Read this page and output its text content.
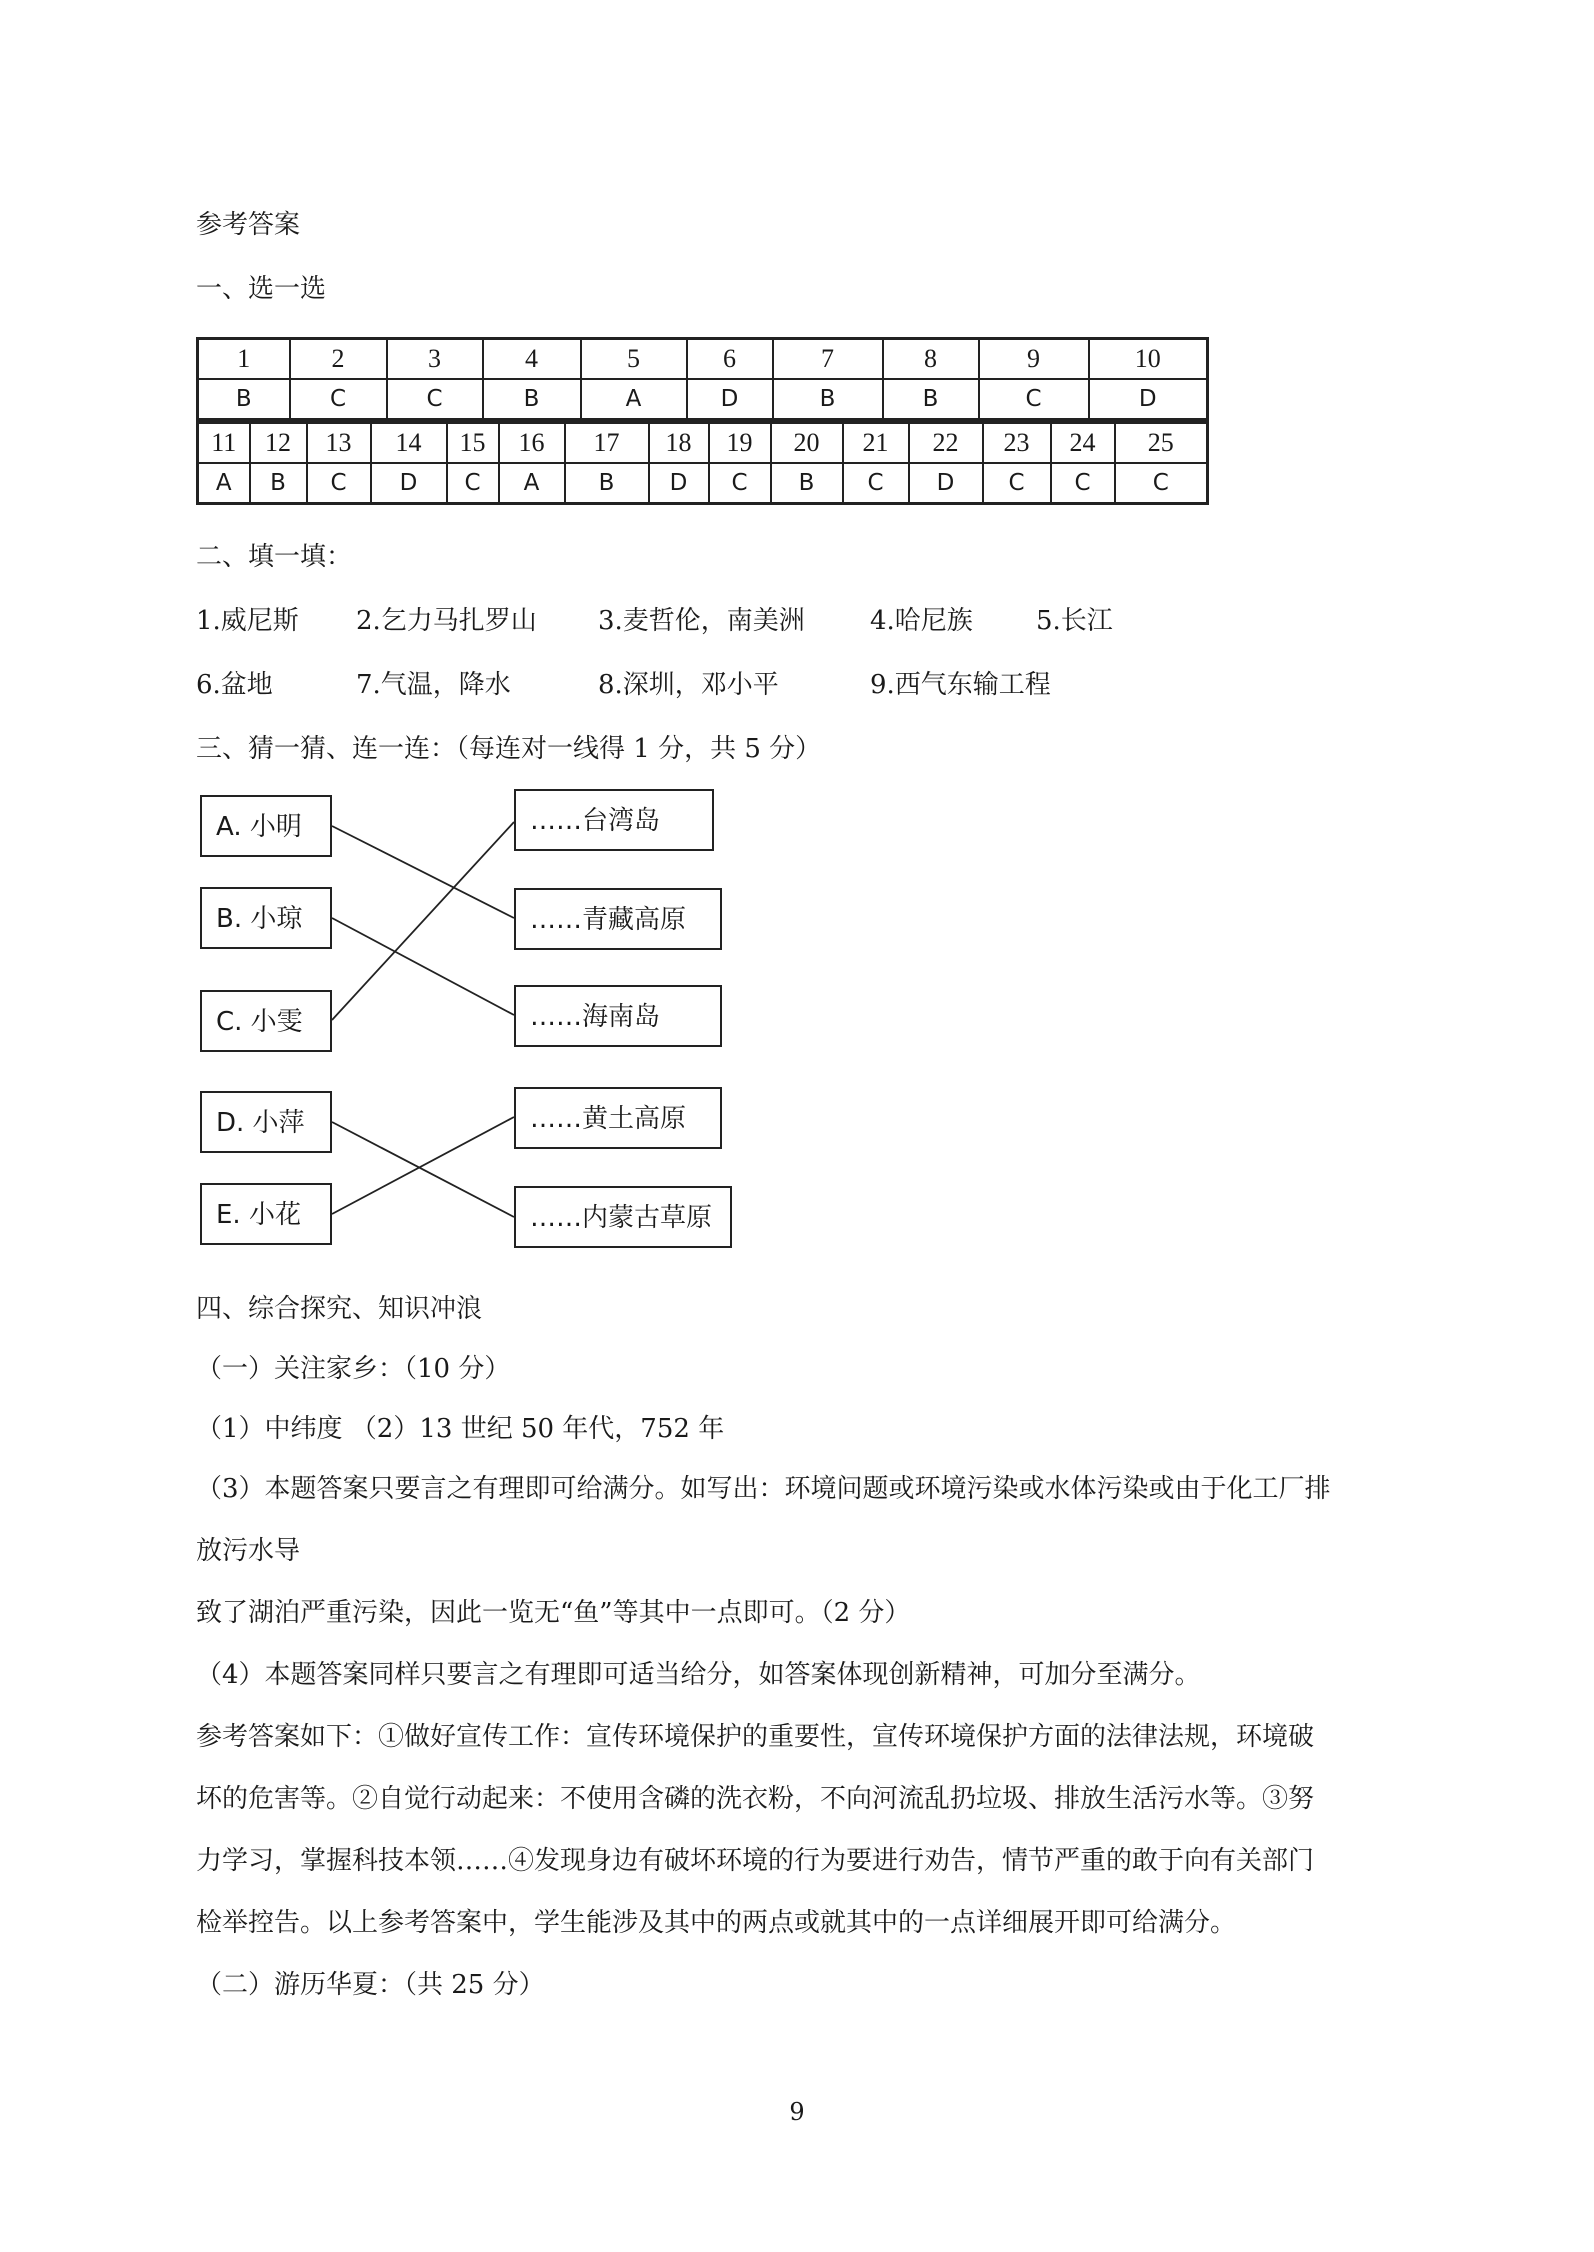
参考答案
一、选一选
1	2	3	4	5	6	7	8	9	10
B	C	C	B	A	D	B	B	C	D
11	12	13	14	15	16	17	18	19	20	21	22	23	24	25
A	B	C	D	C	A	B	D	C	B	C	D	C	C	C
二、填一填：
1.威尼斯 2.乞力马扎罗山 3.麦哲伦，南美洲	4.哈尼族 5.长江
6.盆地	7.气温，降水	8.深圳，邓小平	9.西气东输工程
三、猜一猜、连一连：（每连对一线得 1 分，共 5 分）
A. 小明
B. 小琼
C. 小雯
D. 小萍
E. 小花
……台湾岛
……青藏高原
……海南岛
……黄土高原
……内蒙古草原
四、综合探究、知识冲浪
（一）关注家乡：（10 分）
（1）中纬度 （2）13 世纪 50 年代，752 年
（3）本题答案只要言之有理即可给满分。如写出：环境问题或环境污染或水体污染或由于化工厂排
放污水导
致了湖泊严重污染，因此一览无“鱼”等其中一点即可。（2 分）
（4）本题答案同样只要言之有理即可适当给分，如答案体现创新精神，可加分至满分。
参考答案如下：①做好宣传工作：宣传环境保护的重要性，宣传环境保护方面的法律法规，环境破
坏的危害等。②自觉行动起来：不使用含磷的洗衣粉，不向河流乱扔垃圾、排放生活污水等。③努
力学习，掌握科技本领……④发现身边有破坏环境的行为要进行劝告，情节严重的敢于向有关部门
检举控告。以上参考答案中，学生能涉及其中的两点或就其中的一点详细展开即可给满分。
（二）游历华夏：（共 25 分）
9
